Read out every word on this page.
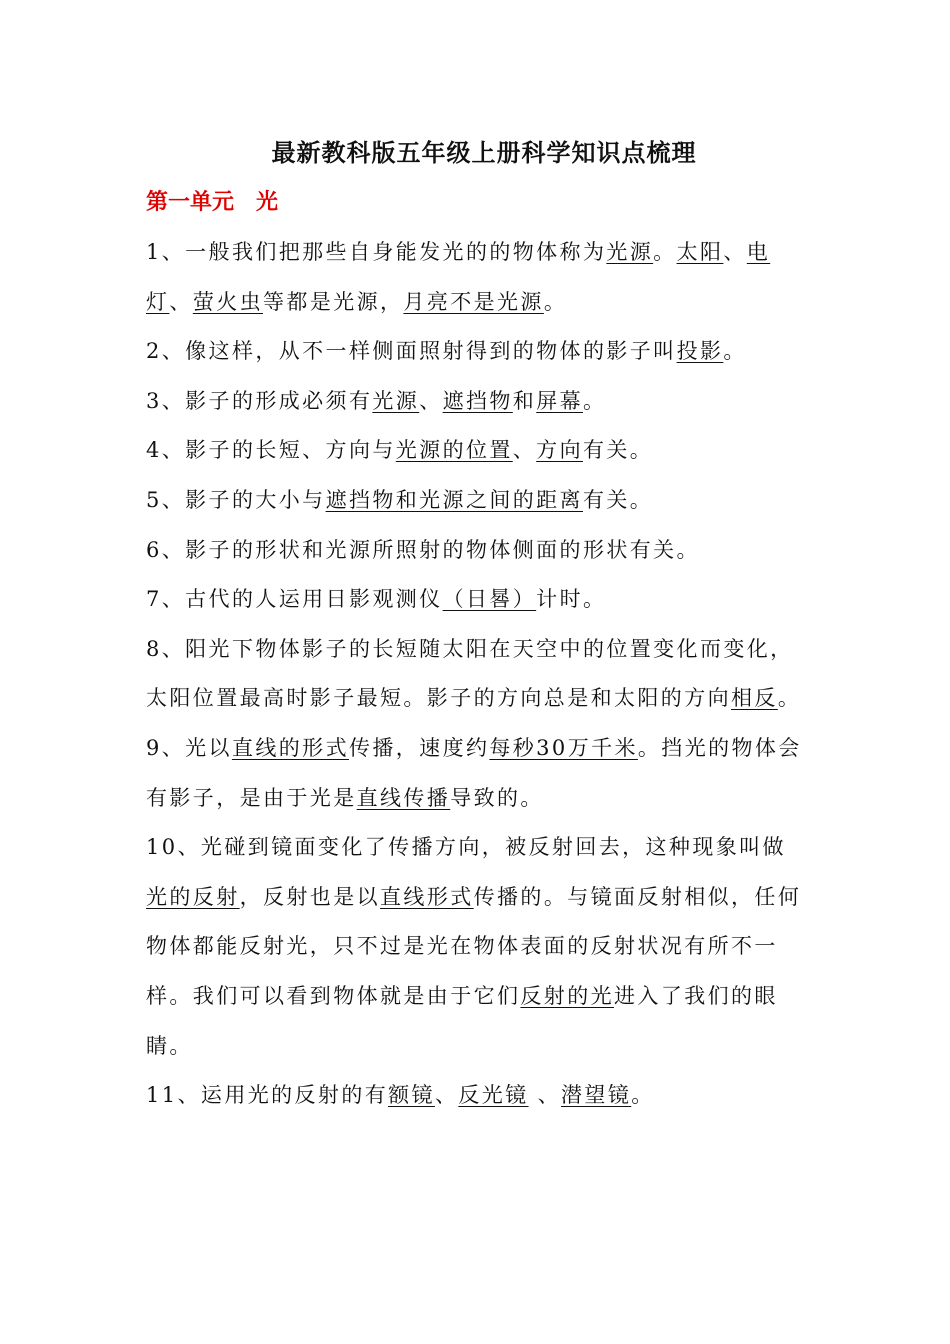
最新教科版五年级上册科学知识点梳理
第一单元　光

1、一般我们把那些自身能发光的的物体称为光源。太阳、电灯、萤火虫等都是光源，月亮不是光源。

2、像这样，从不一样侧面照射得到的物体的影子叫投影。

3、影子的形成必须有光源、遮挡物和屏幕。

4、影子的长短、方向与光源的位置、方向有关。

5、影子的大小与遮挡物和光源之间的距离有关。

6、影子的形状和光源所照射的物体侧面的形状有关。

7、古代的人运用日影观测仪（日晷）计时。

8、阳光下物体影子的长短随太阳在天空中的位置变化而变化，太阳位置最高时影子最短。影子的方向总是和太阳的方向相反。

9、光以直线的形式传播，速度约每秒30万千米。挡光的物体会有影子，是由于光是直线传播导致的。

10、光碰到镜面变化了传播方向，被反射回去，这种现象叫做光的反射，反射也是以直线形式传播的。与镜面反射相似，任何物体都能反射光，只不过是光在物体表面的反射状况有所不一样。我们可以看到物体就是由于它们反射的光进入了我们的眼睛。

11、运用光的反射的有额镜、反光镜 、潜望镜。
